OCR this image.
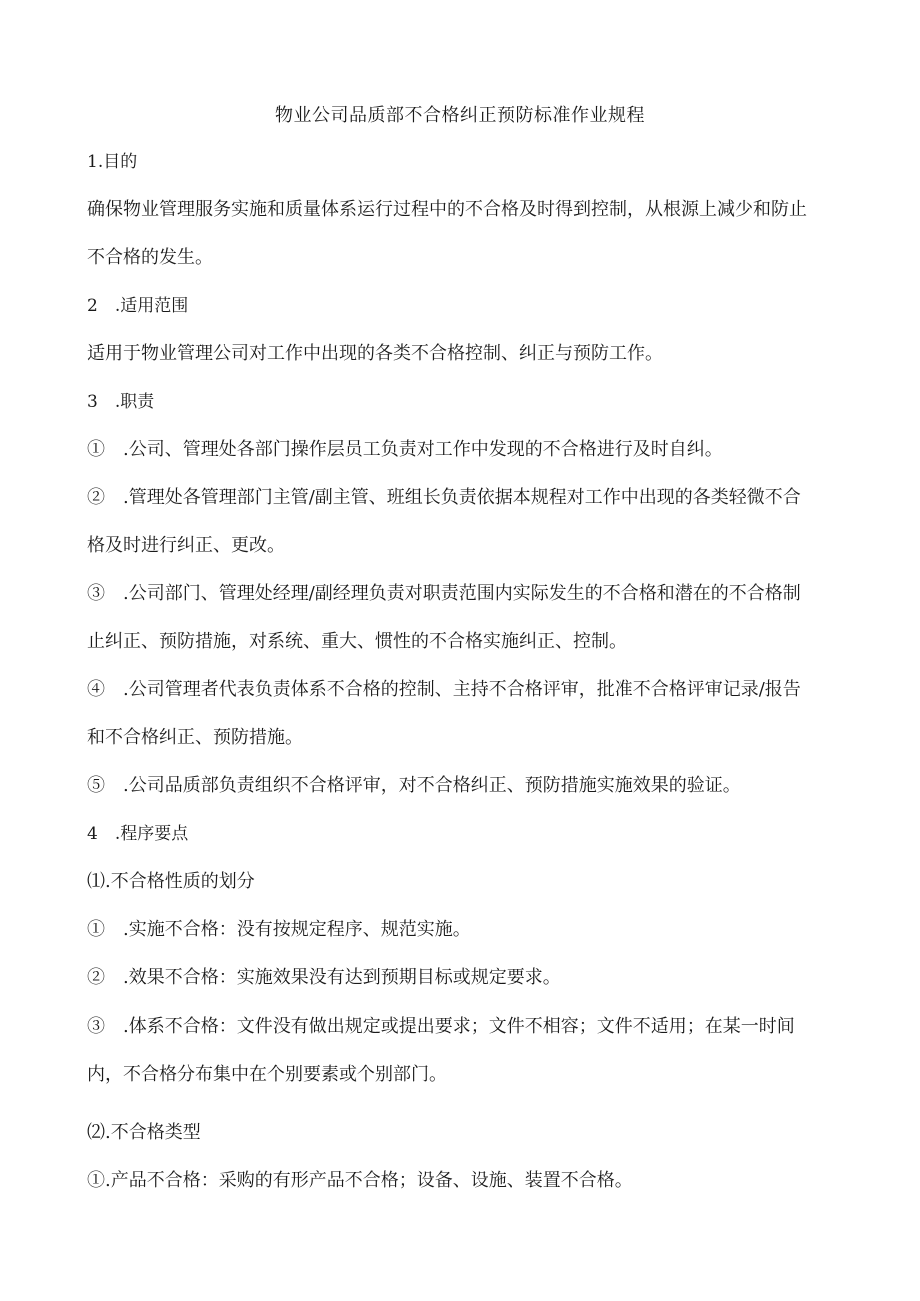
物业公司品质部不合格纠正预防标准作业规程
1.目的
确保物业管理服务实施和质量体系运行过程中的不合格及时得到控制，从根源上减少和防止
不合格的发生。
2　.适用范围
适用于物业管理公司对工作中出现的各类不合格控制、纠正与预防工作。
3　.职责
①　.公司、管理处各部门操作层员工负责对工作中发现的不合格进行及时自纠。
②　.管理处各管理部门主管/副主管、班组长负责依据本规程对工作中出现的各类轻微不合
格及时进行纠正、更改。
③　.公司部门、管理处经理/副经理负责对职责范围内实际发生的不合格和潜在的不合格制
止纠正、预防措施，对系统、重大、惯性的不合格实施纠正、控制。
④　.公司管理者代表负责体系不合格的控制、主持不合格评审，批准不合格评审记录/报告
和不合格纠正、预防措施。
⑤　.公司品质部负责组织不合格评审，对不合格纠正、预防措施实施效果的验证。
4　.程序要点
⑴.不合格性质的划分
①　.实施不合格：没有按规定程序、规范实施。
②　.效果不合格：实施效果没有达到预期目标或规定要求。
③　.体系不合格：文件没有做出规定或提出要求；文件不相容；文件不适用；在某一时间
内，不合格分布集中在个别要素或个别部门。
⑵.不合格类型
①.产品不合格：采购的有形产品不合格；设备、设施、装置不合格。
